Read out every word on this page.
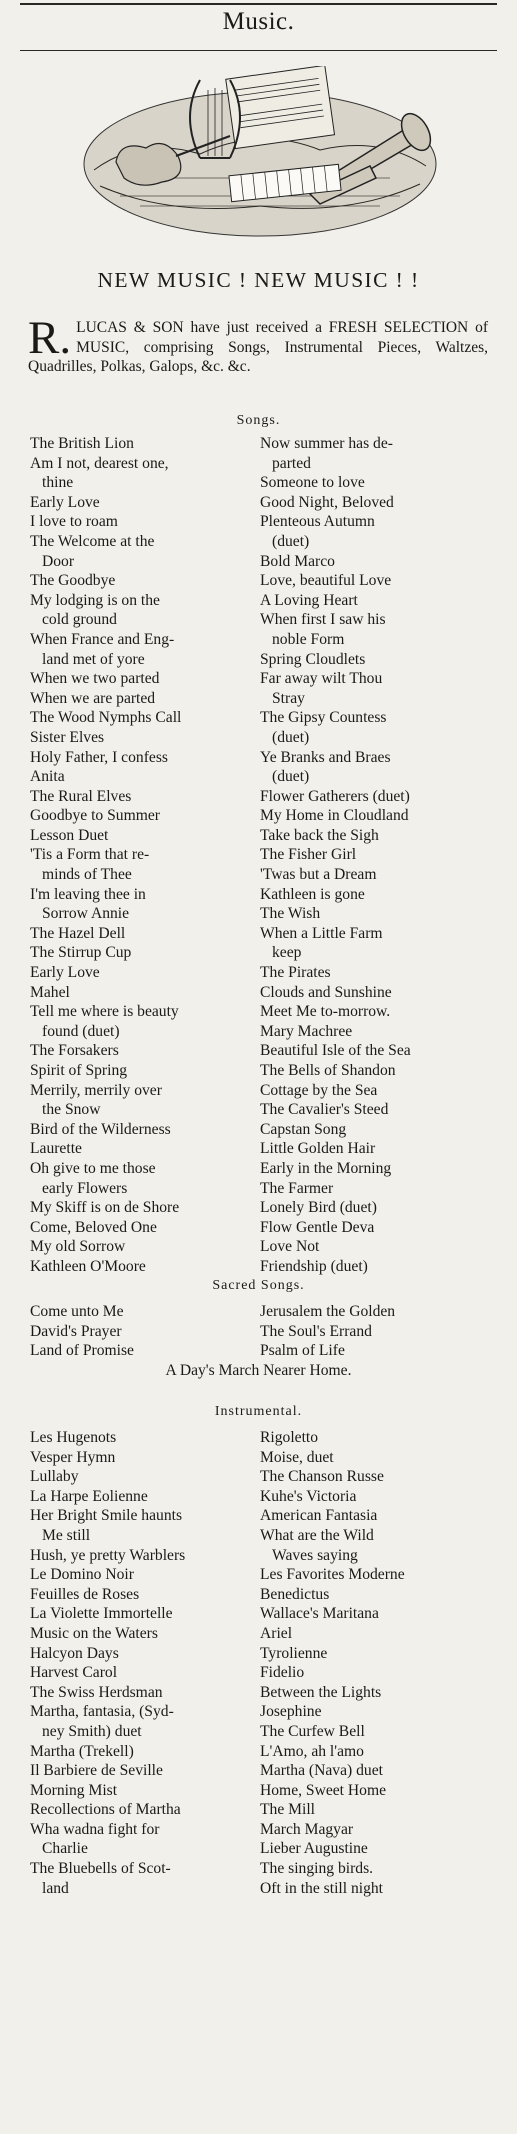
Music.
NEW MUSIC ! NEW MUSIC ! !
R. LUCAS & SON have just received a FRESH SELECTION of MUSIC, comprising Songs, Instrumental Pieces, Waltzes, Quadrilles, Polkas, Galops, &c. &c.
Songs.
The British Lion
Am I not, dearest one,
thine
Early Love
I love to roam
The Welcome at the
Door
The Goodbye
My lodging is on the
cold ground
When France and Eng-
land met of yore
When we two parted
When we are parted
The Wood Nymphs Call
Sister Elves
Holy Father, I confess
Anita
The Rural Elves
Goodbye to Summer
Lesson Duet
'Tis a Form that re-
minds of Thee
I'm leaving thee in
Sorrow Annie
The Hazel Dell
The Stirrup Cup
Early Love
Mahel
Tell me where is beauty
found (duet)
The Forsakers
Spirit of Spring
Merrily, merrily over
the Snow
Bird of the Wilderness
Laurette
Oh give to me those
early Flowers
My Skiff is on de Shore
Come, Beloved One
My old Sorrow
Kathleen O'Moore
Now summer has de-
parted
Someone to love
Good Night, Beloved
Plenteous Autumn
(duet)
Bold Marco
Love, beautiful Love
A Loving Heart
When first I saw his
noble Form
Spring Cloudlets
Far away wilt Thou
Stray
The Gipsy Countess
(duet)
Ye Branks and Braes
(duet)
Flower Gatherers (duet)
My Home in Cloudland
Take back the Sigh
The Fisher Girl
'Twas but a Dream
Kathleen is gone
The Wish
When a Little Farm
keep
The Pirates
Clouds and Sunshine
Meet Me to-morrow.
Mary Machree
Beautiful Isle of the Sea
The Bells of Shandon
Cottage by the Sea
The Cavalier's Steed
Capstan Song
Little Golden Hair
Early in the Morning
The Farmer
Lonely Bird (duet)
Flow Gentle Deva
Love Not
Friendship (duet)
Sacred Songs.
Come unto Me
David's Prayer
Land of Promise
Jerusalem the Golden
The Soul's Errand
Psalm of Life
A Day's March Nearer Home.
Instrumental.
Les Hugenots
Vesper Hymn
Lullaby
La Harpe Eolienne
Her Bright Smile haunts
Me still
Hush, ye pretty Warblers
Le Domino Noir
Feuilles de Roses
La Violette Immortelle
Music on the Waters
Halcyon Days
Harvest Carol
The Swiss Herdsman
Martha, fantasia, (Syd-
ney Smith) duet
Martha (Trekell)
Il Barbiere de Seville
Morning Mist
Recollections of Martha
Wha wadna fight for
Charlie
The Bluebells of Scot-
land
Rigoletto
Moise, duet
The Chanson Russe
Kuhe's Victoria
American Fantasia
What are the Wild
Waves saying
Les Favorites Moderne
Benedictus
Wallace's Maritana
Ariel
Tyrolienne
Fidelio
Between the Lights
Josephine
The Curfew Bell
L'Amo, ah l'amo
Martha (Nava) duet
Home, Sweet Home
The Mill
March Magyar
Lieber Augustine
The singing birds.
Oft in the still night
